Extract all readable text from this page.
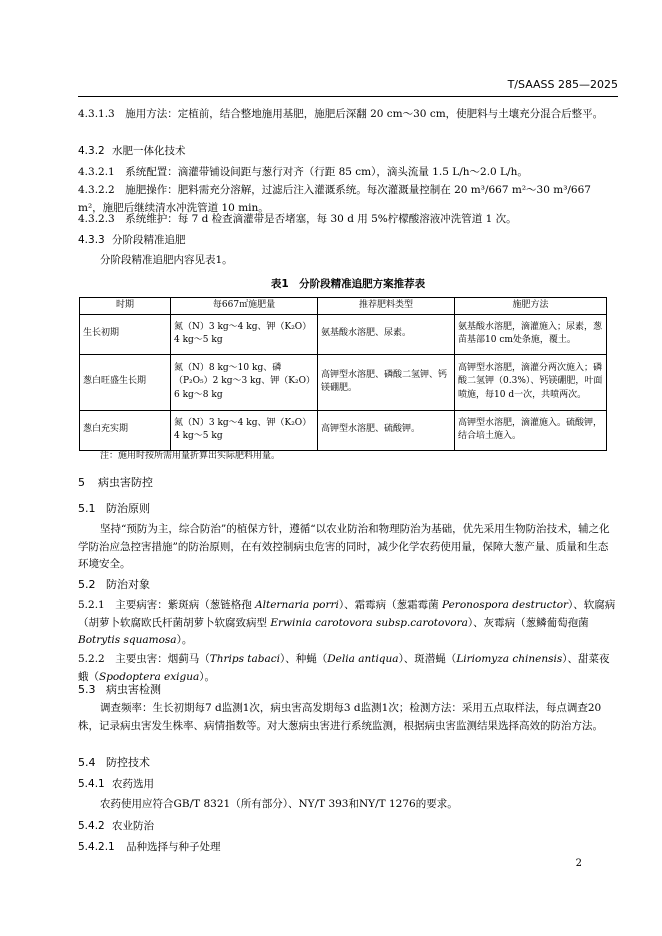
T/SAASS 285—2025
4.3.1.3　 施用方法：定植前，结合整地施用基肥，施肥后深翻 20 cm～30 cm，使肥料与土壤充分混合后整平。
4.3.2 水肥一体化技术
4.3.2.1　 系统配置：滴灌带铺设间距与葱行对齐（行距 85 cm），滴头流量 1.5 L/h～2.0 L/h。
4.3.2.2　 施肥操作：肥料需充分溶解，过滤后注入灌溉系统。每次灌溉量控制在 20 m³/667 m²～30 m³/667 m²，施肥后继续清水冲洗管道 10 min。
4.3.2.3　 系统维护：每 7 d 检查滴灌带是否堵塞，每 30 d 用 5%柠檬酸溶液冲洗管道 1 次。
4.3.3 分阶段精准追肥
分阶段精准追肥内容见表1。
表1　分阶段精准追肥方案推荐表
时期	每667㎡施肥量	推荐肥料类型	施肥方法
生长初期	氮（N）3 kg～4 kg、钾（K₂O）4 kg～5 kg	氨基酸水溶肥、尿素。	氨基酸水溶肥，滴灌施入；尿素，葱苗基部10 cm处条施，覆土。
葱白旺盛生长期	氮（N）8 kg～10 kg、磷（P₂O₅）2 kg～3 kg、钾（K₂O）6 kg～8 kg	高钾型水溶肥、磷酸二氢钾、钙镁硼肥。	高钾型水溶肥，滴灌分两次施入；磷酸二氢钾（0.3%）、钙镁硼肥，叶面喷施，每10 d一次，共喷两次。
葱白充实期	氮（N）3 kg～4 kg、钾（K₂O）4 kg～5 kg	高钾型水溶肥、硫酸钾。	高钾型水溶肥，滴灌施入。硫酸钾，结合培土施入。
注：施用时按所需用量折算出实际肥料用量。
5 病虫害防控
5.1 防治原则
坚持“预防为主，综合防治”的植保方针，遵循“以农业防治和物理防治为基础，优先采用生物防治技术，辅之化学防治应急控害措施”的防治原则，在有效控制病虫危害的同时，减少化学农药使用量，保障大葱产量、质量和生态环境安全。
5.2 防治对象
5.2.1　 主要病害：紫斑病（葱链格孢 Alternaria porri）、霜霉病（葱霜霉菌 Peronospora destructor）、软腐病（胡萝卜软腐欧氏杆菌胡萝卜软腐致病型 Erwinia carotovora subsp.carotovora）、灰霉病（葱鳞葡萄孢菌 Botrytis squamosa）。
5.2.2　 主要虫害：烟蓟马（Thrips tabaci）、种蝇（Delia antiqua）、斑潜蝇（Liriomyza chinensis）、甜菜夜蛾（Spodoptera exigua）。
5.3 病虫害检测
调查频率：生长初期每7 d监测1次，病虫害高发期每3 d监测1次；检测方法：采用五点取样法，每点调查20株，记录病虫害发生株率、病情指数等。对大葱病虫害进行系统监测，根据病虫害监测结果选择高效的防治方法。
5.4 防控技术
5.4.1 农药选用
农药使用应符合GB/T 8321（所有部分）、NY/T 393和NY/T 1276的要求。
5.4.2 农业防治
5.4.2.1 品种选择与种子处理
2
